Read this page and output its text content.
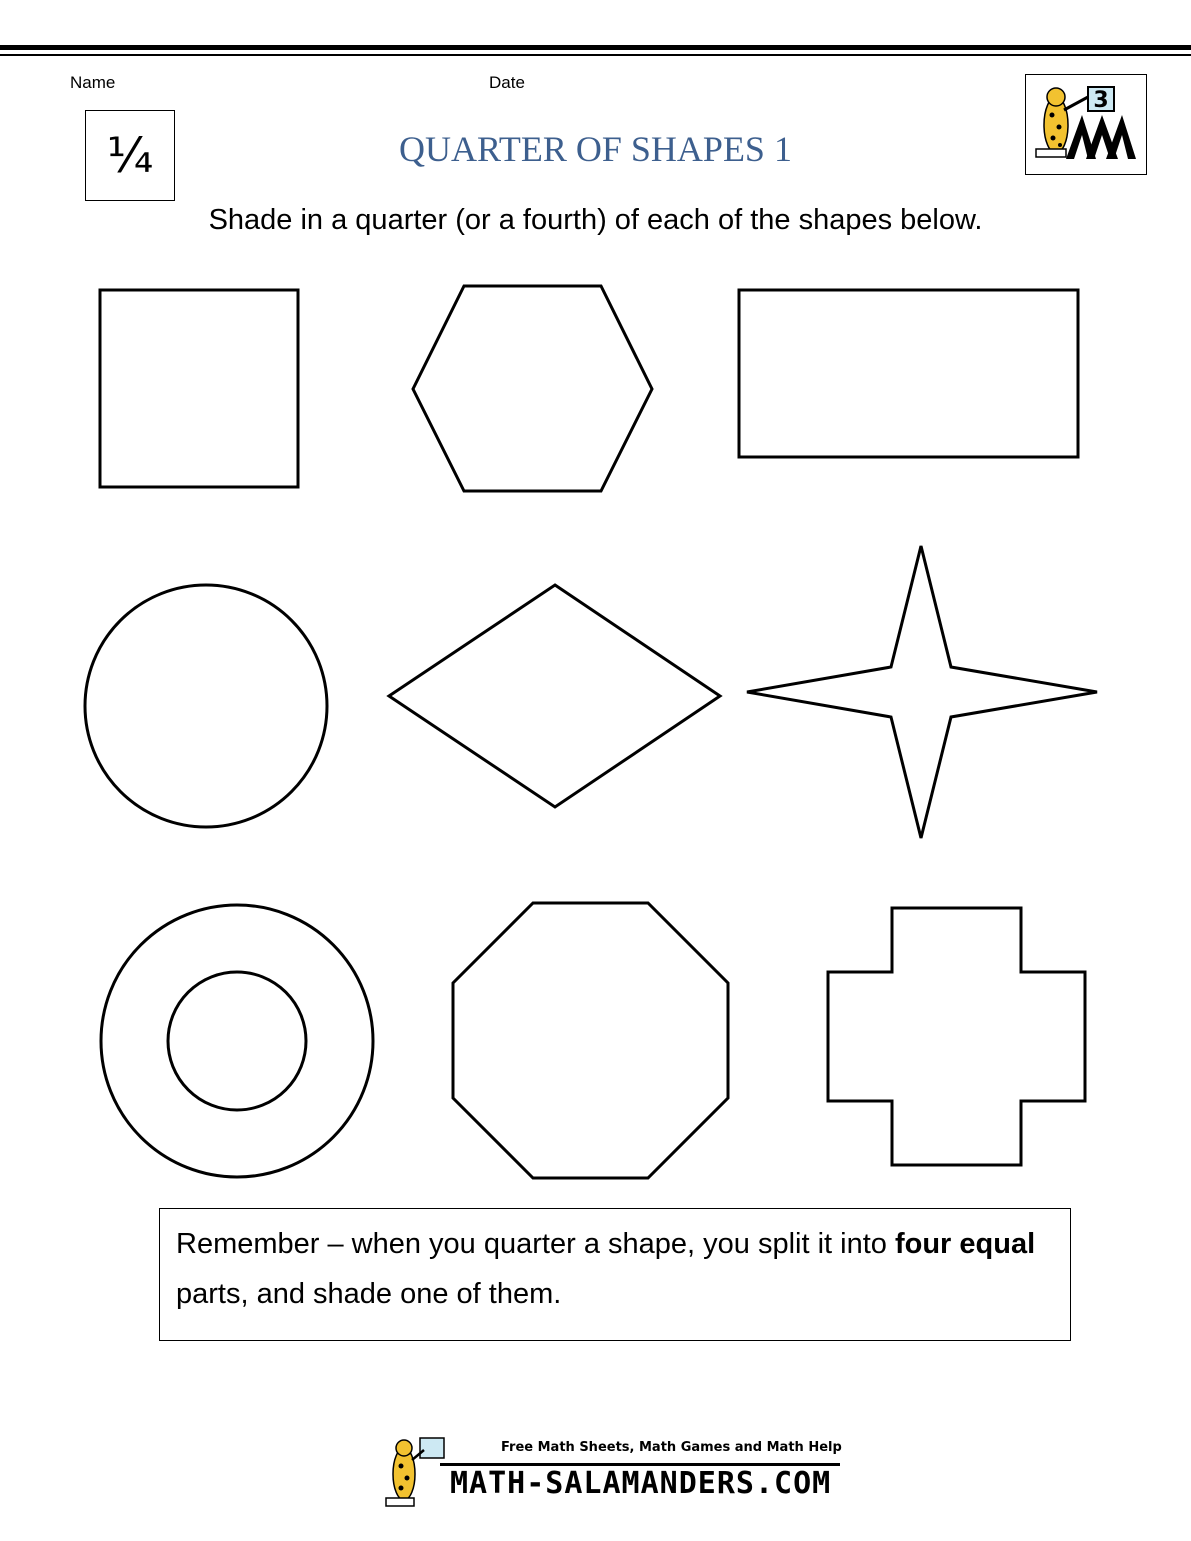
Name	Date
¼	QUARTER OF SHAPES 1
3
Shade in a quarter (or a fourth) of each of the shapes below.
Remember – when you quarter a shape, you split it into four equal parts, and shade one of them.
Free Math Sheets, Math Games and Math Help
MATH-SALAMANDERS.COM
